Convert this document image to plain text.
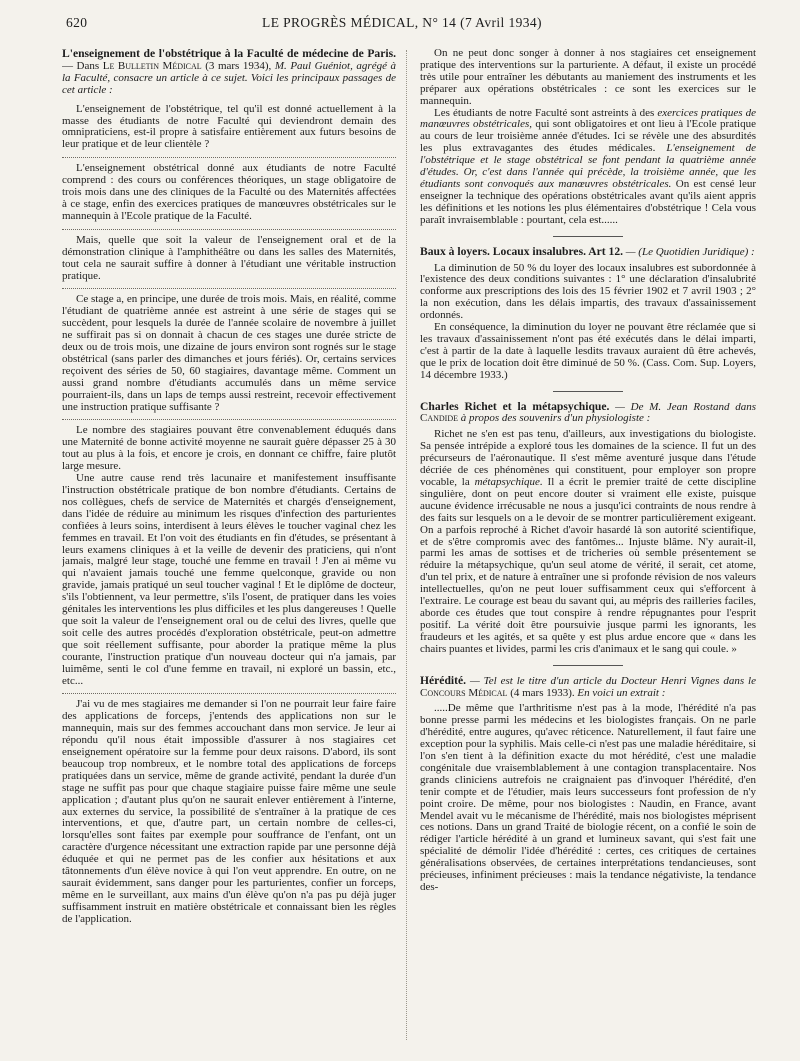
620	LE PROGRÈS MÉDICAL, N° 14 (7 Avril 1934)

L'enseignement de l'obstétrique à la Faculté de médecine de Paris. — Dans Le Bulletin Médical (3 mars 1934), M. Paul Guéniot, agrégé à la Faculté, consacre un article à ce sujet. Voici les principaux passages de cet article :

L'enseignement de l'obstétrique, tel qu'il est donné actuellement à la masse des étudiants de notre Faculté qui deviendront demain des omnipraticiens, est-il propre à satisfaire entièrement aux futurs besoins de leur pratique et de leur clientèle ?

L'enseignement obstétrical donné aux étudiants de notre Faculté comprend : des cours ou conférences théoriques, un stage obligatoire de trois mois dans une des cliniques de la Faculté ou des Maternités affectées à ce stage, enfin des exercices pratiques de manœuvres obstétricales sur le mannequin à l'Ecole pratique de la Faculté.

Mais, quelle que soit la valeur de l'enseignement oral et de la démonstration clinique à l'amphithéâtre ou dans les salles des Maternités, tout cela ne saurait suffire à donner à l'étudiant une véritable instruction pratique.

Ce stage a, en principe, une durée de trois mois. Mais, en réalité, comme l'étudiant de quatrième année est astreint à une série de stages qui se succèdent, pour lesquels la durée de l'année scolaire de novembre à juillet ne suffirait pas si on donnait à chacun de ces stages une durée stricte de deux ou de trois mois, une dizaine de jours environ sont rognés sur le stage obstétrical (sans parler des dimanches et jours fériés). Or, certains services reçoivent des séries de 50, 60 stagiaires, davantage même. Comment un aussi grand nombre d'étudiants accumulés dans un même service pourraient-ils, dans un laps de temps aussi restreint, recevoir effectivement une instruction pratique suffisante ?

Le nombre des stagiaires pouvant être convenablement éduqués dans une Maternité de bonne activité moyenne ne saurait guère dépasser 25 à 30 tout au plus à la fois, et encore je crois, en donnant ce chiffre, faire plutôt large mesure.

Une autre cause rend très lacunaire et manifestement insuffisante l'instruction obstétricale pratique de bon nombre d'étudiants. Certains de nos collègues, chefs de service de Maternités et chargés d'enseignement, dans l'idée de réduire au minimum les risques d'infection des parturientes confiées à leurs soins, interdisent à leurs élèves le toucher vaginal chez les femmes en travail. Et l'on voit des étudiants en fin d'études, se présentant à leurs examens cliniques à et la veille de devenir des praticiens, qui n'ont jamais, malgré leur stage, touché une femme en travail ! J'en ai même vu qui n'avaient jamais touché une femme quelconque, gravide ou non gravide, jamais pratiqué un seul toucher vaginal ! Et le diplôme de docteur, s'ils l'obtiennent, va leur permettre, s'ils l'osent, de pratiquer dans les voies génitales les interventions les plus difficiles et les plus dangereuses ! Quelle que soit la valeur de l'enseignement oral ou de celui des livres, quelle que soit celle des autres procédés d'exploration obstétricale, peut-on admettre que soit réellement suffisante, pour aborder la pratique même la plus courante, l'instruction pratique d'un nouveau docteur qui n'a jamais, par luimême, senti le col d'une femme en travail, ni exploré un bassin, etc., etc...

J'ai vu de mes stagiaires me demander si l'on ne pourrait leur faire faire des applications de forceps, j'entends des applications non sur le mannequin, mais sur des femmes accouchant dans mon service. Je leur ai répondu qu'il nous était impossible d'assurer à nos stagiaires cet enseignement opératoire sur la femme pour deux raisons. D'abord, ils sont beaucoup trop nombreux, et le nombre total des applications de forceps pratiquées dans un service, même de grande activité, pendant la durée d'un stage ne suffit pas pour que chaque stagiaire puisse faire même une seule application ; d'autant plus qu'on ne saurait enlever entièrement à l'interne, aux externes du service, la possibilité de s'entraîner à la pratique de ces interventions, et que, d'autre part, un certain nombre de celles-ci, lorsqu'elles sont faites par exemple pour souffrance de l'enfant, ont un caractère d'urgence nécessitant une extraction rapide par une personne déjà éduquée et qui ne permet pas de les confier aux hésitations et aux tâtonnements d'un élève novice à qui l'on veut apprendre. En outre, on ne saurait évidemment, sans danger pour les parturientes, confier un forceps, même en le surveillant, aux mains d'un élève qu'on n'a pas pu déjà juger suffisamment instruit en matière obstétricale et connaissant bien les règles de l'application.

On ne peut donc songer à donner à nos stagiaires cet enseignement pratique des interventions sur la parturiente. A défaut, il existe un procédé très utile pour entraîner les débutants au maniement des instruments et les préparer aux opérations obstétricales : ce sont les exercices sur le mannequin.

Les étudiants de notre Faculté sont astreints à des exercices pratiques de manœuvres obstétricales, qui sont obligatoires et ont lieu à l'Ecole pratique au cours de leur troisième année d'études. Ici se révèle une des absurdités les plus extravagantes des études médicales. L'enseignement de l'obstétrique et le stage obstétrical se font pendant la quatrième année d'études. Or, c'est dans l'année qui précède, la troisième année, que les étudiants sont convoqués aux manœuvres obstétricales. On est censé leur enseigner la technique des opérations obstétricales avant qu'ils aient appris les définitions et les notions les plus élémentaires d'obstétrique ! Cela vous paraît invraisemblable : pourtant, cela est......

Baux à loyers. Locaux insalubres. Art 12. — (Le Quotidien Juridique) :

La diminution de 50 % du loyer des locaux insalubres est subordonnée à l'existence des deux conditions suivantes : 1° une déclaration d'insalubrité conforme aux prescriptions des lois des 15 février 1902 et 7 avril 1903 ; 2° la non exécution, dans les délais impartis, des travaux d'assainissement ordonnés.

En conséquence, la diminution du loyer ne pouvant être réclamée que si les travaux d'assainissement n'ont pas été exécutés dans le délai imparti, c'est à partir de la date à laquelle lesdits travaux auraient dû être achevés, que le prix de location doit être diminué de 50 %. (Cass. Com. Sup. Loyers, 14 décembre 1933.)

Charles Richet et la métapsychique. — De M. Jean Rostand dans Candide à propos des souvenirs d'un physiologiste :

Richet ne s'en est pas tenu, d'ailleurs, aux investigations du biologiste. Sa pensée intrépide a exploré tous les domaines de la science. Il fut un des précurseurs de l'aéronautique. Il s'est même aventuré jusque dans l'étude décriée de ces phénomènes qui constituent, pour employer son propre vocable, la métapsychique. Il a écrit le premier traité de cette discipline singulière, dont on peut encore douter si vraiment elle existe, puisque aucune évidence irrécusable ne nous a jusqu'ici contraints de nous rendre à des faits sur lesquels on a le devoir de se montrer particulièrement exigeant. On a parfois reproché à Richet d'avoir hasardé là son autorité scientifique, et de s'être compromis avec des fantômes... Injuste blâme. N'y aurait-il, parmi les amas de sottises et de tricheries où semble présentement se réduire la métapsychique, qu'un seul atome de vérité, il serait, cet atome, d'un tel prix, et de nature à entraîner une si profonde révision de nos valeurs intellectuelles, qu'on ne peut louer suffisamment ceux qui s'efforcent à l'extraire. Le courage est beau du savant qui, au mépris des railleries faciles, aborde ces études que tout conspire à rendre répugnantes pour l'esprit positif. La vérité doit être poursuivie jusque parmi les ignorants, les fraudeurs et les agités, et sa quête y est plus ardue encore que « dans les chairs puantes et livides, parmi les cris d'animaux et le sang qui coule. »

Hérédité. — Tel est le titre d'un article du Docteur Henri Vignes dans le Concours Médical (4 mars 1933). En voici un extrait :

.....De même que l'arthritisme n'est pas à la mode, l'hérédité n'a pas bonne presse parmi les médecins et les biologistes français. On ne parle d'hérédité, entre augures, qu'avec réticence. Naturellement, il faut faire une exception pour la syphilis. Mais celle-ci n'est pas une maladie héréditaire, si l'on s'en tient à la définition exacte du mot hérédité, c'est une maladie congénitale due vraisemblablement à une contagion transplacentaire. Nos grands cliniciens autrefois ne craignaient pas d'invoquer l'hérédité, d'en tenir compte et de l'étudier, mais leurs successeurs font profession de n'y point croire. De même, pour nos biologistes : Naudin, en France, avant Mendel avait vu le mécanisme de l'hérédité, mais nos biologistes méprisent ces notions. Dans un grand Traité de biologie récent, on a confié le soin de rédiger l'article hérédité à un grand et lumineux savant, qui s'est fait une spécialité de démolir l'idée d'hérédité : certes, ces critiques de certaines généralisations observées, de certaines interprétations tendancieuses, sont précieuses, infiniment précieuses : mais la tendance négativiste, la tendance des-
